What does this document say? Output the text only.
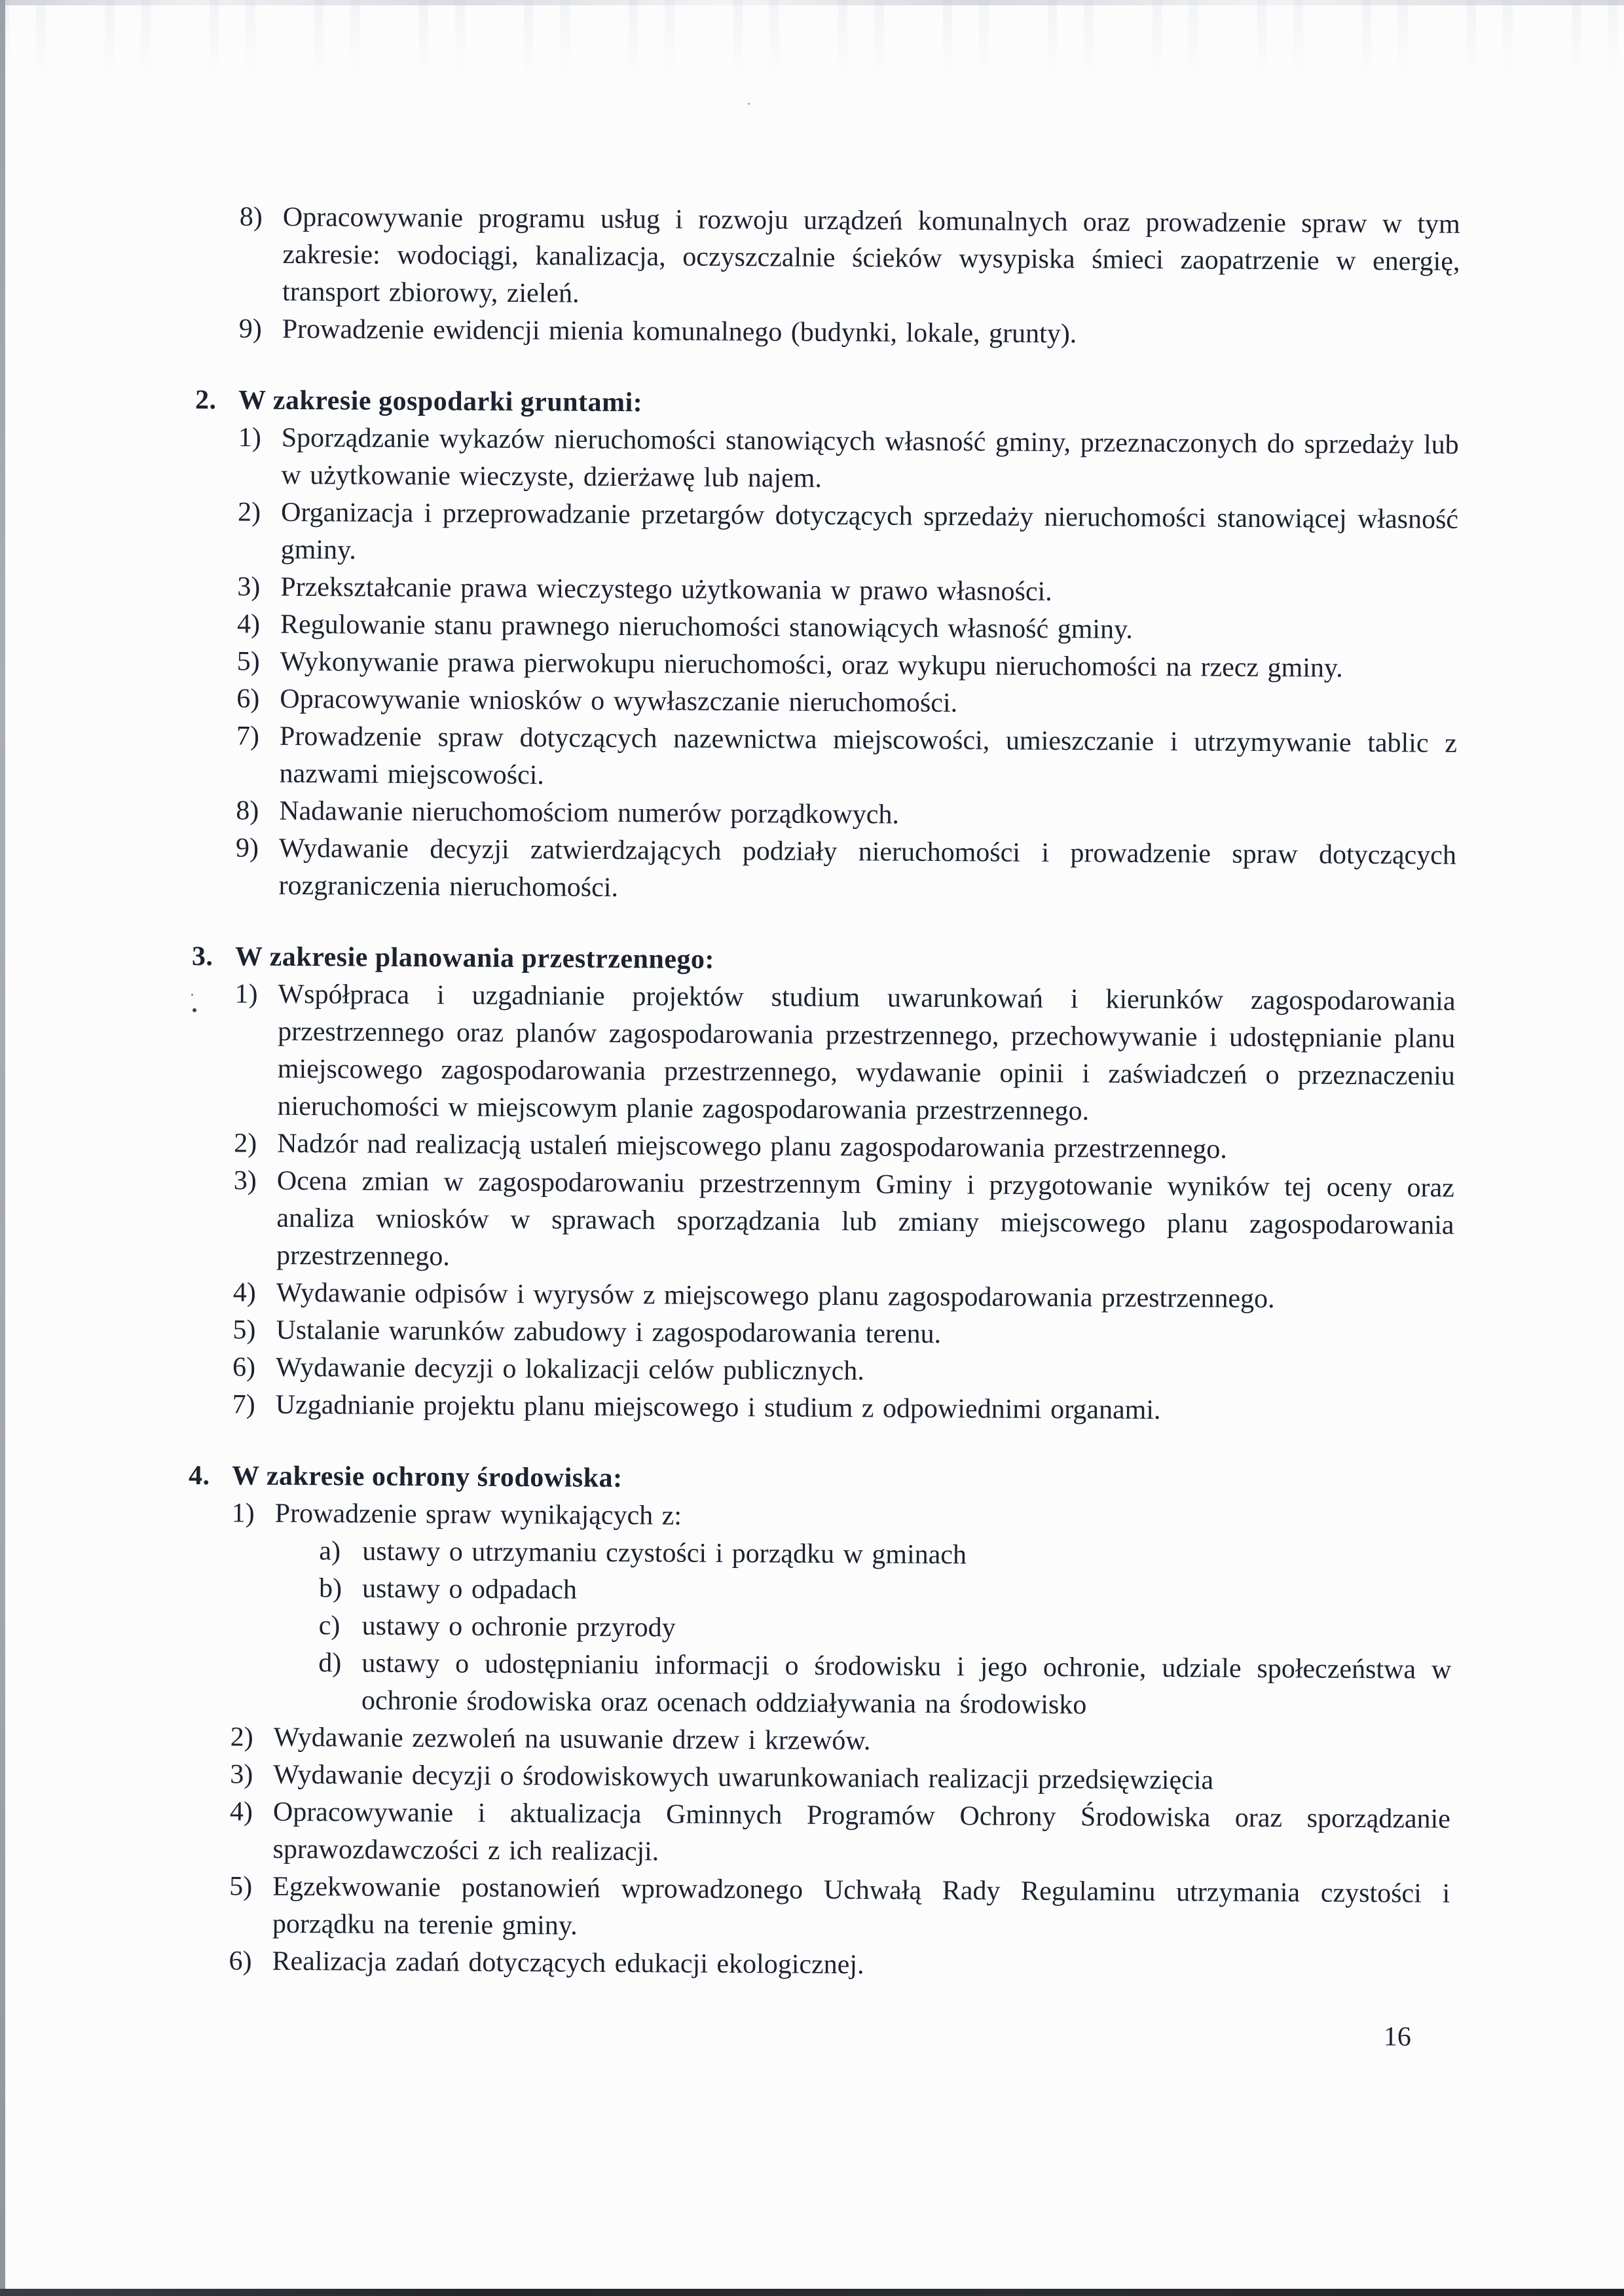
8) Opracowywanie programu usług i rozwoju urządzeń komunalnych oraz prowadzenie spraw w tym zakresie: wodociągi, kanalizacja, oczyszczalnie ścieków wysypiska śmieci zaopatrzenie w energię, transport zbiorowy, zieleń.
9) Prowadzenie ewidencji mienia komunalnego (budynki, lokale, grunty).
2. W zakresie gospodarki gruntami:
1) Sporządzanie wykazów nieruchomości stanowiących własność gminy, przeznaczonych do sprzedaży lub w użytkowanie wieczyste, dzierżawę lub najem.
2) Organizacja i przeprowadzanie przetargów dotyczących sprzedaży nieruchomości stanowiącej własność gminy.
3) Przekształcanie prawa wieczystego użytkowania w prawo własności.
4) Regulowanie stanu prawnego nieruchomości stanowiących własność gminy.
5) Wykonywanie prawa pierwokupu nieruchomości, oraz wykupu nieruchomości na rzecz gminy.
6) Opracowywanie wniosków o wywłaszczanie nieruchomości.
7) Prowadzenie spraw dotyczących nazewnictwa miejscowości, umieszczanie i utrzymywanie tablic z nazwami miejscowości.
8) Nadawanie nieruchomościom numerów porządkowych.
9) Wydawanie decyzji zatwierdzających podziały nieruchomości i prowadzenie spraw dotyczących rozgraniczenia nieruchomości.
3. W zakresie planowania przestrzennego:
1) Współpraca i uzgadnianie projektów studium uwarunkowań i kierunków zagospodarowania przestrzennego oraz planów zagospodarowania przestrzennego, przechowywanie i udostępnianie planu miejscowego zagospodarowania przestrzennego, wydawanie opinii i zaświadczeń o przeznaczeniu nieruchomości w miejscowym planie zagospodarowania przestrzennego.
2) Nadzór nad realizacją ustaleń miejscowego planu zagospodarowania przestrzennego.
3) Ocena zmian w zagospodarowaniu przestrzennym Gminy i przygotowanie wyników tej oceny oraz analiza wniosków w sprawach sporządzania lub zmiany miejscowego planu zagospodarowania przestrzennego.
4) Wydawanie odpisów i wyrysów z miejscowego planu zagospodarowania przestrzennego.
5) Ustalanie warunków zabudowy i zagospodarowania terenu.
6) Wydawanie decyzji o lokalizacji celów publicznych.
7) Uzgadnianie projektu planu miejscowego i studium z odpowiednimi organami.
4. W zakresie ochrony środowiska:
1) Prowadzenie spraw wynikających z:
a) ustawy o utrzymaniu czystości i porządku w gminach
b) ustawy o odpadach
c) ustawy o ochronie przyrody
d) ustawy o udostępnianiu informacji o środowisku i jego ochronie, udziale społeczeństwa w ochronie środowiska oraz ocenach oddziaływania na środowisko
2) Wydawanie zezwoleń na usuwanie drzew i krzewów.
3) Wydawanie decyzji o środowiskowych uwarunkowaniach realizacji przedsięwzięcia
4) Opracowywanie i aktualizacja Gminnych Programów Ochrony Środowiska oraz sporządzanie sprawozdawczości z ich realizacji.
5) Egzekwowanie postanowień wprowadzonego Uchwałą Rady Regulaminu utrzymania czystości i porządku na terenie gminy.
6) Realizacja zadań dotyczących edukacji ekologicznej.
16
